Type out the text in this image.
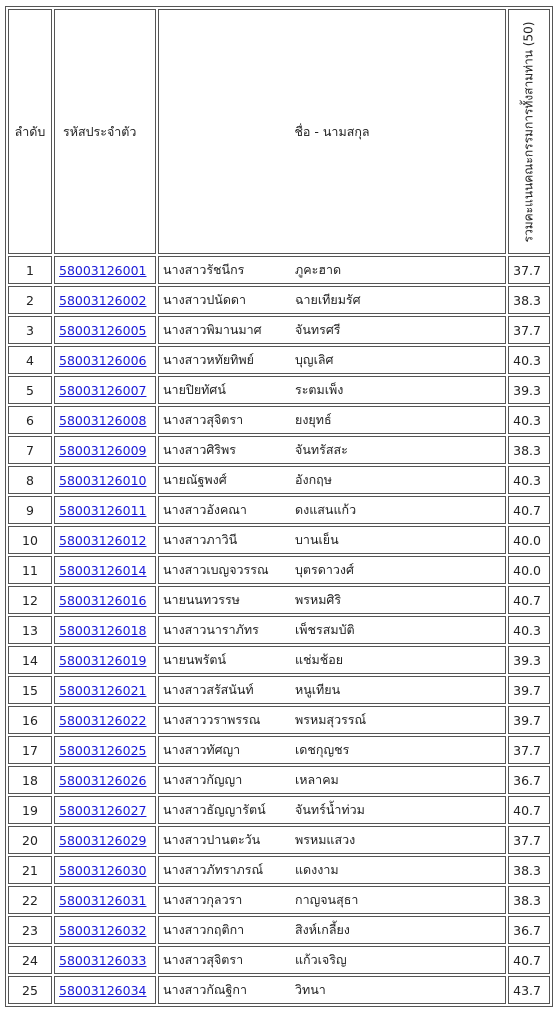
ลำดับ	รหัสประจำตัว	ชื่อ - นามสกุล	รวมคะแนนคณะกรรมการทั้งสามท่าน (50)

1	58003126001	นางสาวรัชนีกร ภูคะฮาด	37.7
2	58003126002	นางสาวปนัดดา ฉายเทียมรัศ	38.3
3	58003126005	นางสาวพิมานมาศ จันทรศรี	37.7
4	58003126006	นางสาวหทัยทิพย์ บุญเลิศ	40.3
5	58003126007	นายปิยทัศน์ ระตมเพ็ง	39.3
6	58003126008	นางสาวสุจิตรา ยงยุทธ์	40.3
7	58003126009	นางสาวศิริพร จันทรัสสะ	38.3
8	58003126010	นายณัฐพงศ์ อังกฤษ	40.3
9	58003126011	นางสาวอังคณา ดงแสนแก้ว	40.7
10	58003126012	นางสาวภาวินี บานเย็น	40.0
11	58003126014	นางสาวเบญจวรรณ บุตรดาวงศ์	40.0
12	58003126016	นายนนทวรรษ พรหมศิริ	40.7
13	58003126018	นางสาวนาราภัทร เพ็ชรสมบัติ	40.3
14	58003126019	นายนพรัตน์ แช่มช้อย	39.3
15	58003126021	นางสาวสรัสนันท์ หนูเทียน	39.7
16	58003126022	นางสาววราพรรณ พรหมสุวรรณ์	39.7
17	58003126025	นางสาวทัศญา เดชกุญชร	37.7
18	58003126026	นางสาวกัญญา เหลาคม	36.7
19	58003126027	นางสาวธัญญารัตน์ จันทร์น้ำท่วม	40.7
20	58003126029	นางสาวปานตะวัน พรหมแสวง	37.7
21	58003126030	นางสาวภัทราภรณ์ แดงงาม	38.3
22	58003126031	นางสาวกุลวรา กาญจนสุธา	38.3
23	58003126032	นางสาวกฤติกา สิงห์เกลี้ยง	36.7
24	58003126033	นางสาวสุจิตรา แก้วเจริญ	40.7
25	58003126034	นางสาวกัณฐิกา วิทนา	43.7
